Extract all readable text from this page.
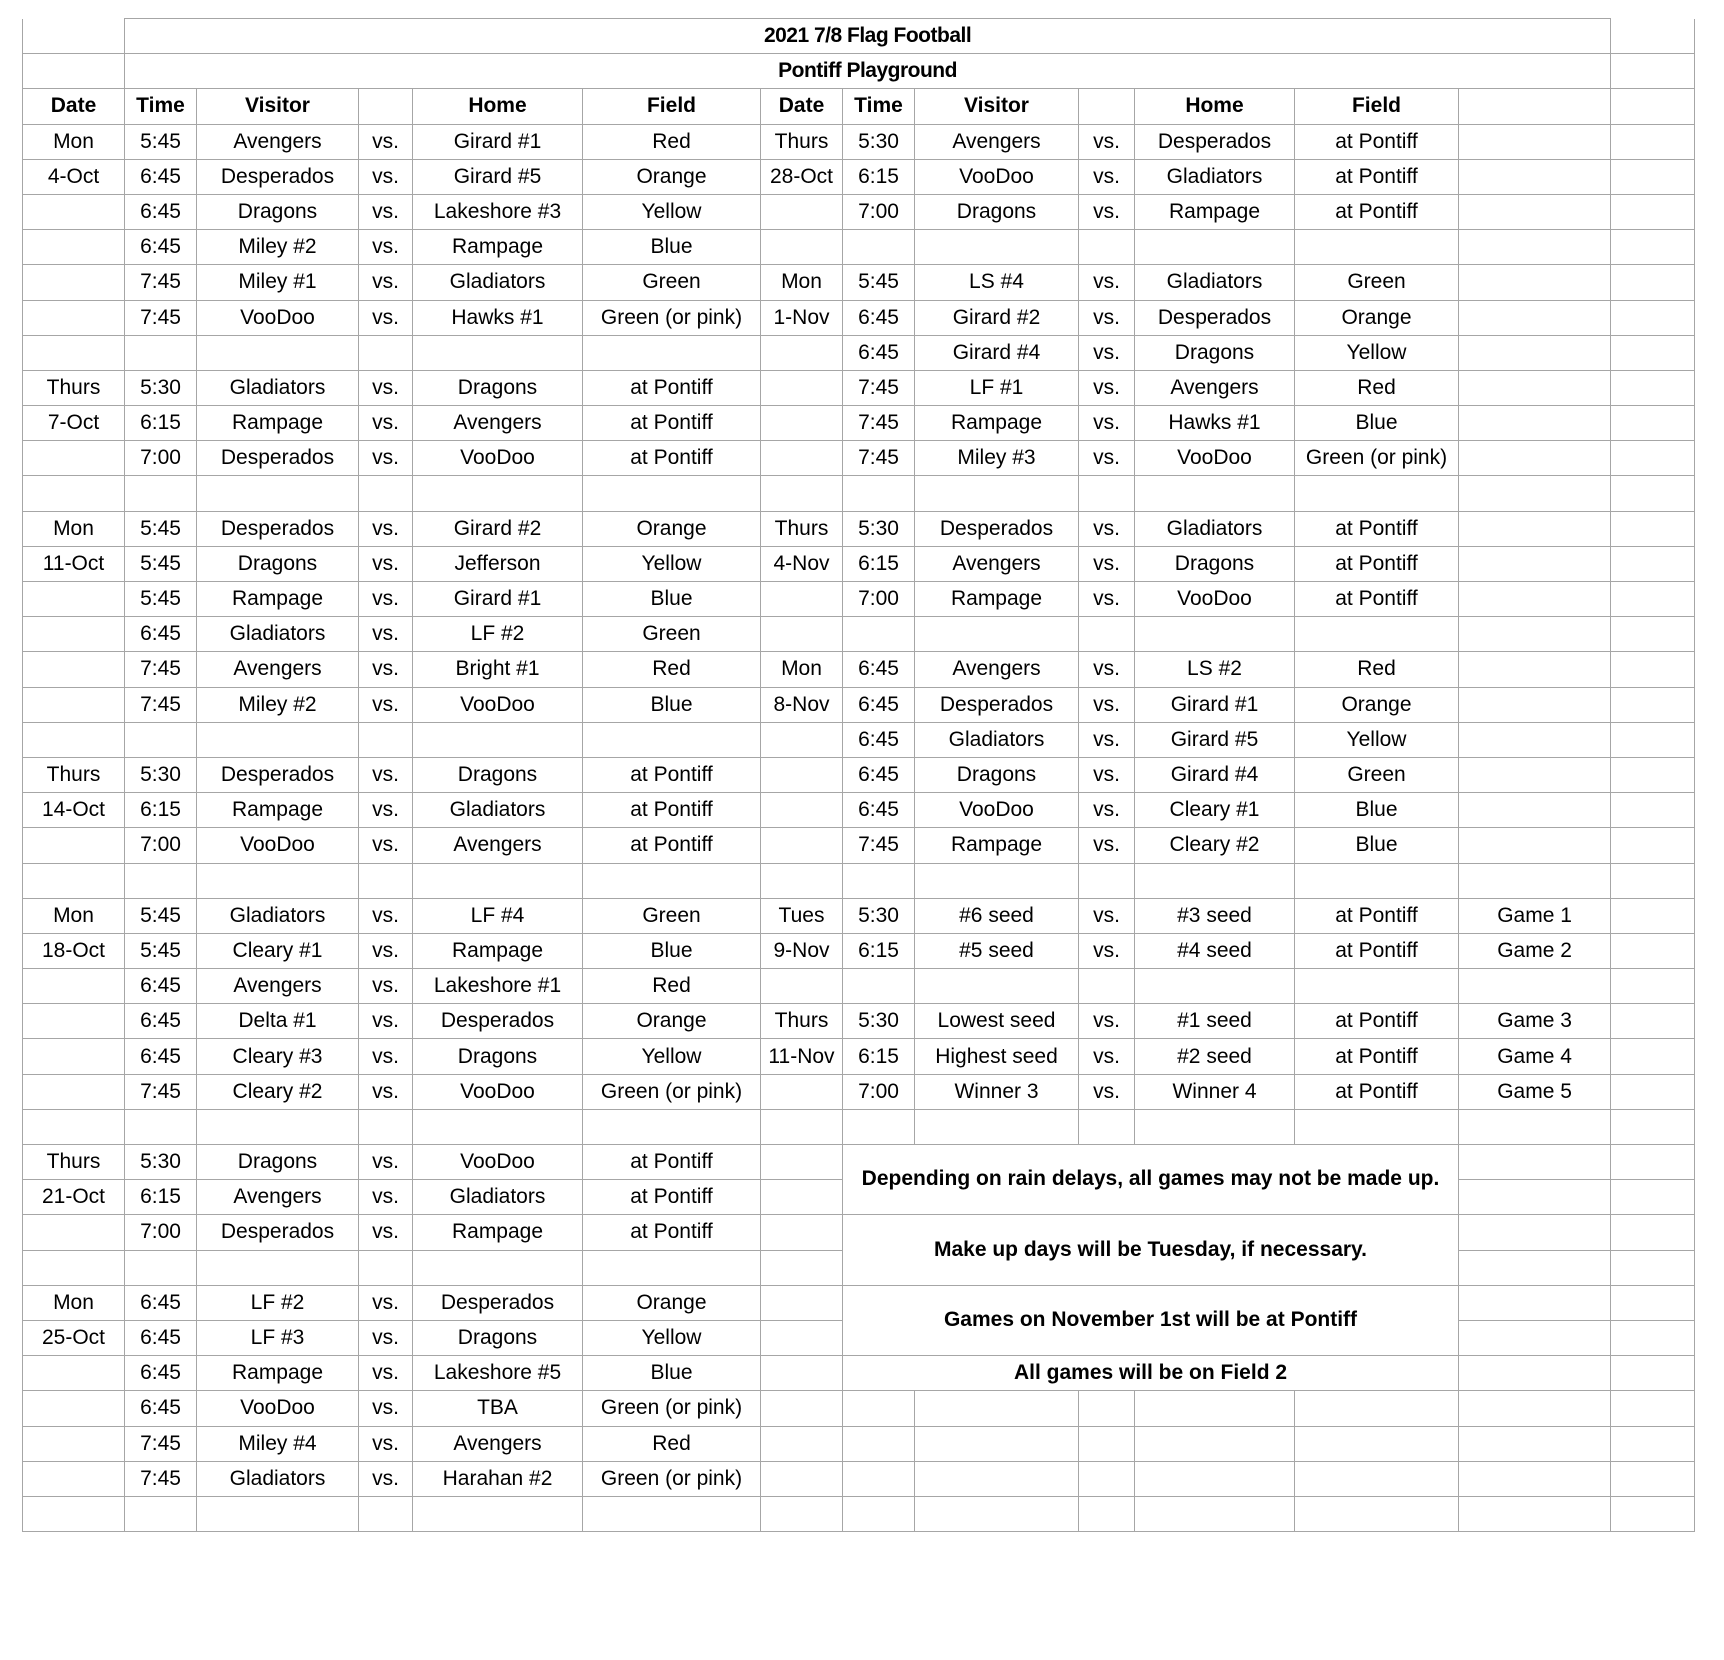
	2021 7/8 Flag Football													
	Pontiff Playground													
Date	Time	Visitor		Home	Field	Date	Time	Visitor		Home	Field			
Mon	5:45	Avengers	vs.	Girard #1	Red	Thurs	5:30	Avengers	vs.	Desperados	at Pontiff			
4-Oct	6:45	Desperados	vs.	Girard #5	Orange	28-Oct	6:15	VooDoo	vs.	Gladiators	at Pontiff			
	6:45	Dragons	vs.	Lakeshore #3	Yellow		7:00	Dragons	vs.	Rampage	at Pontiff			
	6:45	Miley #2	vs.	Rampage	Blue									
	7:45	Miley #1	vs.	Gladiators	Green	Mon	5:45	LS #4	vs.	Gladiators	Green			
	7:45	VooDoo	vs.	Hawks #1	Green (or pink)	1-Nov	6:45	Girard #2	vs.	Desperados	Orange			
							6:45	Girard #4	vs.	Dragons	Yellow			
Thurs	5:30	Gladiators	vs.	Dragons	at Pontiff		7:45	LF #1	vs.	Avengers	Red			
7-Oct	6:15	Rampage	vs.	Avengers	at Pontiff		7:45	Rampage	vs.	Hawks #1	Blue			
	7:00	Desperados	vs.	VooDoo	at Pontiff		7:45	Miley #3	vs.	VooDoo	Green (or pink)			

Mon	5:45	Desperados	vs.	Girard #2	Orange	Thurs	5:30	Desperados	vs.	Gladiators	at Pontiff			
11-Oct	5:45	Dragons	vs.	Jefferson	Yellow	4-Nov	6:15	Avengers	vs.	Dragons	at Pontiff			
	5:45	Rampage	vs.	Girard #1	Blue		7:00	Rampage	vs.	VooDoo	at Pontiff			
	6:45	Gladiators	vs.	LF #2	Green									
	7:45	Avengers	vs.	Bright #1	Red	Mon	6:45	Avengers	vs.	LS #2	Red			
	7:45	Miley #2	vs.	VooDoo	Blue	8-Nov	6:45	Desperados	vs.	Girard #1	Orange			
							6:45	Gladiators	vs.	Girard #5	Yellow			
Thurs	5:30	Desperados	vs.	Dragons	at Pontiff		6:45	Dragons	vs.	Girard #4	Green			
14-Oct	6:15	Rampage	vs.	Gladiators	at Pontiff		6:45	VooDoo	vs.	Cleary #1	Blue			
	7:00	VooDoo	vs.	Avengers	at Pontiff		7:45	Rampage	vs.	Cleary #2	Blue			

Mon	5:45	Gladiators	vs.	LF #4	Green	Tues	5:30	#6 seed	vs.	#3 seed	at Pontiff	Game 1		
18-Oct	5:45	Cleary #1	vs.	Rampage	Blue	9-Nov	6:15	#5 seed	vs.	#4 seed	at Pontiff	Game 2		
	6:45	Avengers	vs.	Lakeshore #1	Red									
	6:45	Delta #1	vs.	Desperados	Orange	Thurs	5:30	Lowest seed	vs.	#1 seed	at Pontiff	Game 3		
	6:45	Cleary #3	vs.	Dragons	Yellow	11-Nov	6:15	Highest seed	vs.	#2 seed	at Pontiff	Game 4		
	7:45	Cleary #2	vs.	VooDoo	Green (or pink)		7:00	Winner 3	vs.	Winner 4	at Pontiff	Game 5		

Thurs	5:30	Dragons	vs.	VooDoo	at Pontiff		Depending on rain delays, all games may not be made up.							
21-Oct	6:15	Avengers	vs.	Gladiators	at Pontiff									
	7:00	Desperados	vs.	Rampage	at Pontiff		Make up days will be Tuesday, if necessary.							

Mon	6:45	LF #2	vs.	Desperados	Orange		Games on November 1st will be at Pontiff							
25-Oct	6:45	LF #3	vs.	Dragons	Yellow									
	6:45	Rampage	vs.	Lakeshore #5	Blue		All games will be on Field 2							
	6:45	VooDoo	vs.	TBA	Green (or pink)									
	7:45	Miley #4	vs.	Avengers	Red									
	7:45	Gladiators	vs.	Harahan #2	Green (or pink)									
